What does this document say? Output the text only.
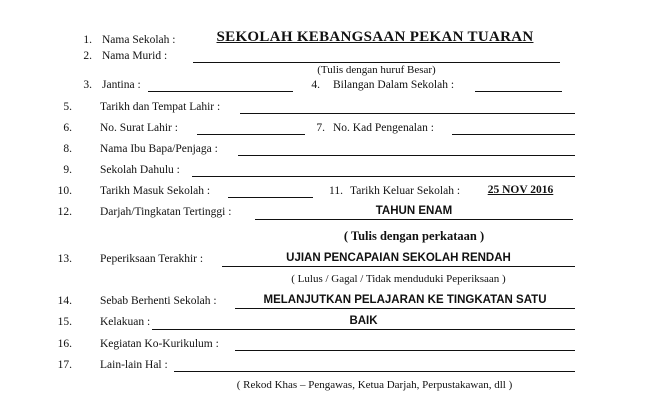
1. Nama Sekolah :	SEKOLAH KEBANGSAAN PEKAN TUARAN
2. Nama Murid :
(Tulis dengan huruf Besar)
3. Jantina :	4. Bilangan Dalam Sekolah :
5. Tarikh dan Tempat Lahir :
6. No. Surat Lahir :	7. No. Kad Pengenalan :
8. Nama Ibu Bapa/Penjaga :
9. Sekolah Dahulu :
10. Tarikh Masuk Sekolah :	11. Tarikh Keluar Sekolah :	25 NOV 2016
12. Darjah/Tingkatan Tertinggi :	TAHUN ENAM
( Tulis dengan perkataan )
13. Peperiksaan Terakhir :	UJIAN PENCAPAIAN SEKOLAH RENDAH
( Lulus / Gagal / Tidak menduduki Peperiksaan )
14. Sebab Berhenti Sekolah :	MELANJUTKAN PELAJARAN KE TINGKATAN SATU
15. Kelakuan :	BAIK
16. Kegiatan Ko-Kurikulum :
17. Lain-lain Hal :
( Rekod Khas – Pengawas, Ketua Darjah, Perpustakawan, dll )
